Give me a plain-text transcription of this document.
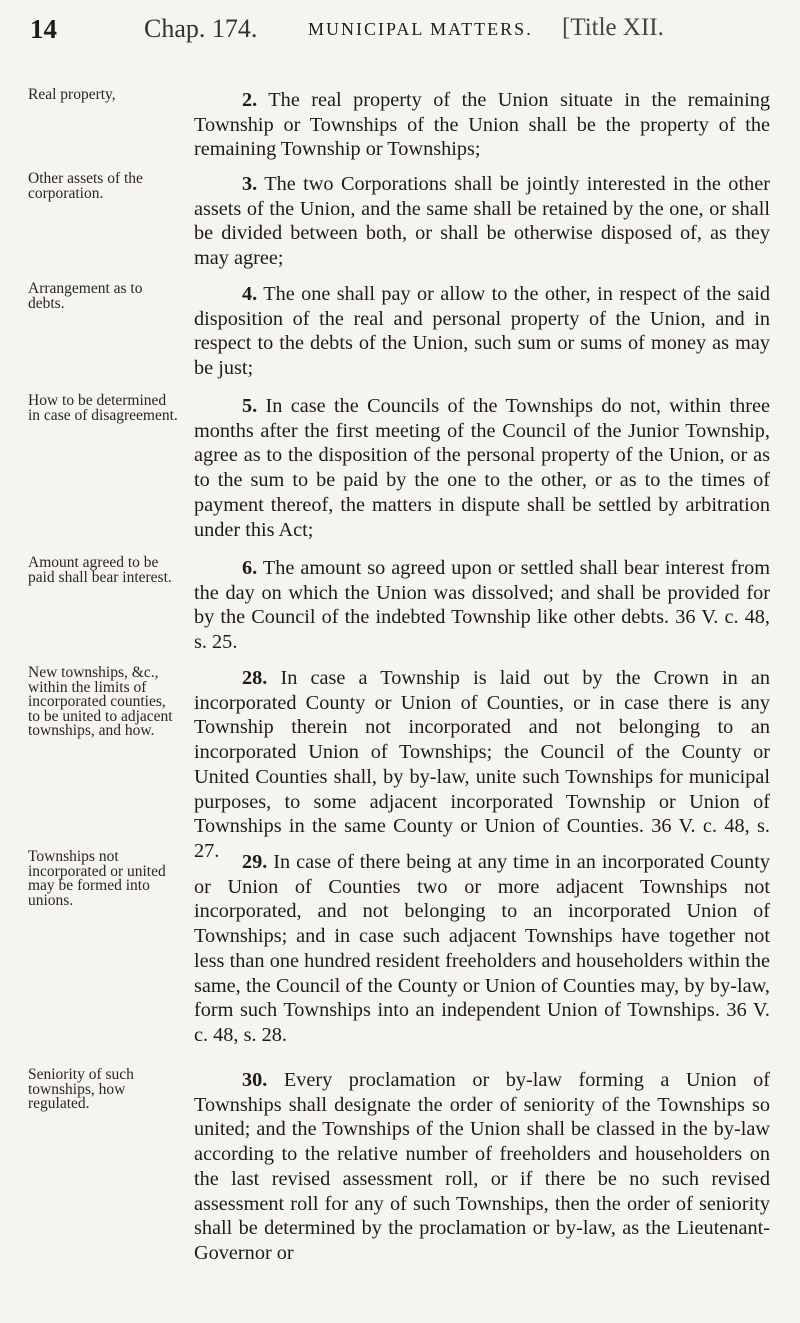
14	Chap. 174.	MUNICIPAL MATTERS. [Title XII.
Real property,	2. The real property of the Union situate in the remaining Township or Townships of the Union shall be the property of the remaining Township or Townships;

Other assets of the corporation.	3. The two Corporations shall be jointly interested in the other assets of the Union, and the same shall be retained by the one, or shall be divided between both, or shall be otherwise disposed of, as they may agree;

Arrangement as to debts.	4. The one shall pay or allow to the other, in respect of the said disposition of the real and personal property of the Union, and in respect to the debts of the Union, such sum or sums of money as may be just;

How to be determined in case of disagreement.	5. In case the Councils of the Townships do not, within three months after the first meeting of the Council of the Junior Township, agree as to the disposition of the personal property of the Union, or as to the sum to be paid by the one to the other, or as to the times of payment thereof, the matters in dispute shall be settled by arbitration under this Act;

Amount agreed to be paid shall bear interest.	6. The amount so agreed upon or settled shall bear interest from the day on which the Union was dissolved; and shall be provided for by the Council of the indebted Township like other debts. 36 V. c. 48, s. 25.

New townships, &c., within the limits of incorporated counties, to be united to adjacent townships, and how.

28. In case a Township is laid out by the Crown in an incorporated County or Union of Counties, or in case there is any Township therein not incorporated and not belonging to an incorporated Union of Townships; the Council of the County or United Counties shall, by by-law, unite such Townships for municipal purposes, to some adjacent incorporated Township or Union of Townships in the same County or Union of Counties. 36 V. c. 48, s. 27.

Townships not incorporated or united may be formed into unions.

29. In case of there being at any time in an incorporated County or Union of Counties two or more adjacent Townships not incorporated, and not belonging to an incorporated Union of Townships; and in case such adjacent Townships have together not less than one hundred resident freeholders and householders within the same, the Council of the County or Union of Counties may, by by-law, form such Townships into an independent Union of Townships. 36 V. c. 48, s. 28.

Seniority of such townships, how regulated.

30. Every proclamation or by-law forming a Union of Townships shall designate the order of seniority of the Townships so united; and the Townships of the Union shall be classed in the by-law according to the relative number of freeholders and householders on the last revised assessment roll, or if there be no such revised assessment roll for any of such Townships, then the order of seniority shall be determined by the proclamation or by-law, as the Lieutenant-Governor or
